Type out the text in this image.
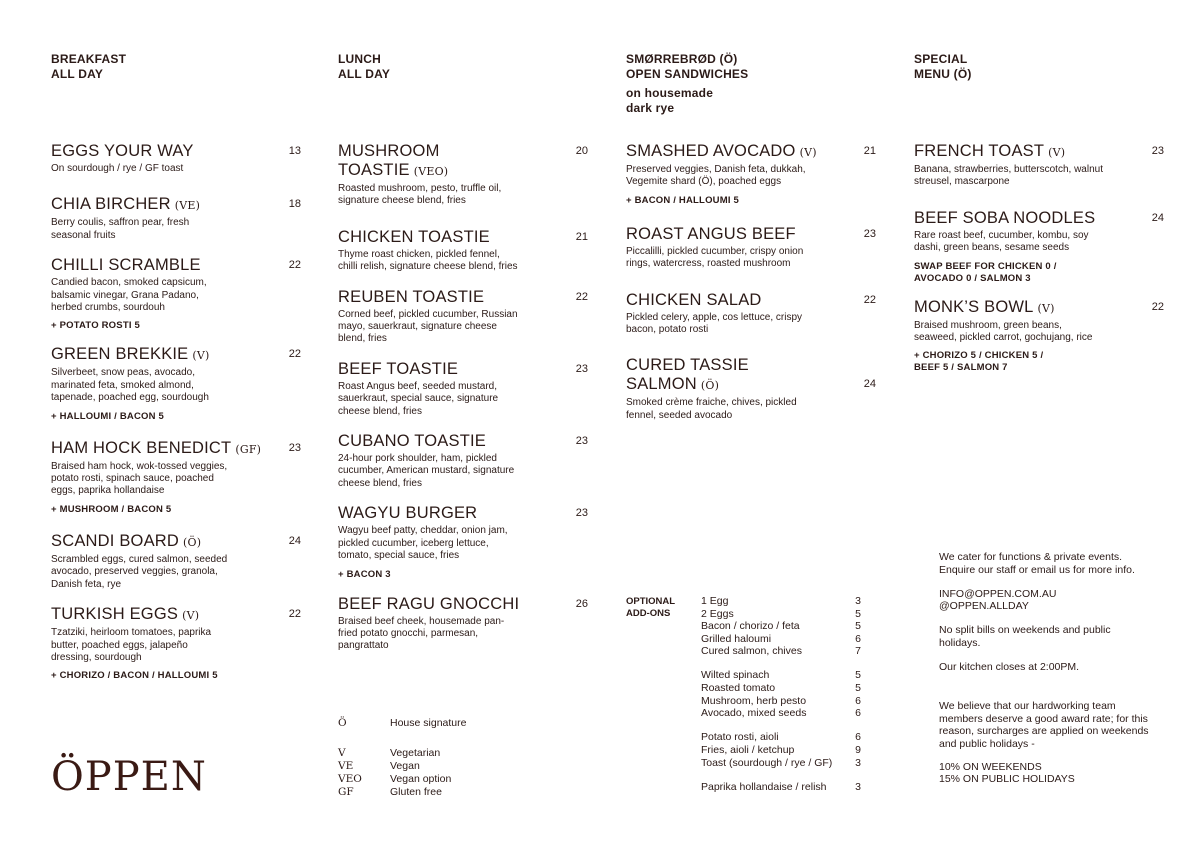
BREAKFAST
ALL DAY
EGGS YOUR WAY	13
On sourdough / rye / GF toast
CHIA BIRCHER (VE)	18
Berry coulis, saffron pear, fresh seasonal fruits
CHILLI SCRAMBLE	22
Candied bacon, smoked capsicum, balsamic vinegar, Grana Padano, herbed crumbs, sourdouh
+ POTATO ROSTI 5
GREEN BREKKIE (V)	22
Silverbeet, snow peas, avocado, marinated feta, smoked almond, tapenade, poached egg, sourdough
+ HALLOUMI / BACON 5
HAM HOCK BENEDICT (GF)	23
Braised ham hock, wok-tossed veggies, potato rosti, spinach sauce, poached eggs, paprika hollandaise
+ MUSHROOM / BACON 5
SCANDI BOARD (Ö)	24
Scrambled eggs, cured salmon, seeded avocado, preserved veggies, granola, Danish feta, rye
TURKISH EGGS (V)	22
Tzatziki, heirloom tomatoes, paprika butter, poached eggs, jalapeño dressing, sourdough
+ CHORIZO / BACON / HALLOUMI 5
LUNCH
ALL DAY
MUSHROOM TOASTIE (VEO)
20
Roasted mushroom, pesto, truffle oil, signature cheese blend, fries
CHICKEN TOASTIE	21
Thyme roast chicken, pickled fennel, chilli relish, signature cheese blend, fries
REUBEN TOASTIE	22
Corned beef, pickled cucumber, Russian mayo, sauerkraut, signature cheese blend, fries
BEEF TOASTIE	23
Roast Angus beef, seeded mustard, sauerkraut, special sauce, signature cheese blend, fries
CUBANO TOASTIE	23
24-hour pork shoulder, ham, pickled cucumber, American mustard, signature cheese blend, fries
WAGYU BURGER	23
Wagyu beef patty, cheddar, onion jam, pickled cucumber, iceberg lettuce, tomato, special sauce, fries
+ BACON 3
BEEF RAGU GNOCCHI	26
Braised beef cheek, housemade pan-fried potato gnocchi, parmesan, pangrattato
SMØRREBRØD (Ö)
OPEN SANDWICHES
on housemade
dark rye
SMASHED AVOCADO (V)	21
Preserved veggies, Danish feta, dukkah, Vegemite shard (Ö), poached eggs
+ BACON / HALLOUMI 5
ROAST ANGUS BEEF	23
Piccalilli, pickled cucumber, crispy onion rings, watercress, roasted mushroom
CHICKEN SALAD	22
Pickled celery, apple, cos lettuce, crispy bacon, potato rosti
CURED TASSIE SALMON (Ö)	24
Smoked crème fraiche, chives, pickled fennel, seeded avocado
SPECIAL
MENU (Ö)
FRENCH TOAST (V)	23
Banana, strawberries, butterscotch, walnut streusel, mascarpone
BEEF SOBA NOODLES	24
Rare roast beef, cucumber, kombu, soy dashi, green beans, sesame seeds
SWAP BEEF FOR CHICKEN 0 / AVOCADO 0 / SALMON 3
MONK’S BOWL (V)	22
Braised mushroom, green beans, seaweed, pickled carrot, gochujang, rice
+ CHORIZO 5 / CHICKEN 5 / BEEF 5 / SALMON 7
ÖPPEN
Ö	House signature
V	Vegetarian
VE	Vegan
VEO	Vegan option
GF	Gluten free
OPTIONAL
ADD-ONS
1 Egg	3
2 Eggs	5
Bacon / chorizo / feta	5
Grilled haloumi	6
Cured salmon, chives	7
Wilted spinach	5
Roasted tomato	5
Mushroom, herb pesto	6
Avocado, mixed seeds	6
Potato rosti, aioli	6
Fries, aioli / ketchup	9
Toast (sourdough / rye / GF) 3
Paprika hollandaise / relish	3

We cater for functions & private events. Enquire our staff or email us for more info.

INFO@OPPEN.COM.AU
@OPPEN.ALLDAY

No split bills on weekends and public holidays.

Our kitchen closes at 2:00PM.

We believe that our hardworking team members deserve a good award rate; for this reason, surcharges are applied on weekends and public holidays -

10% ON WEEKENDS
15% ON PUBLIC HOLIDAYS
